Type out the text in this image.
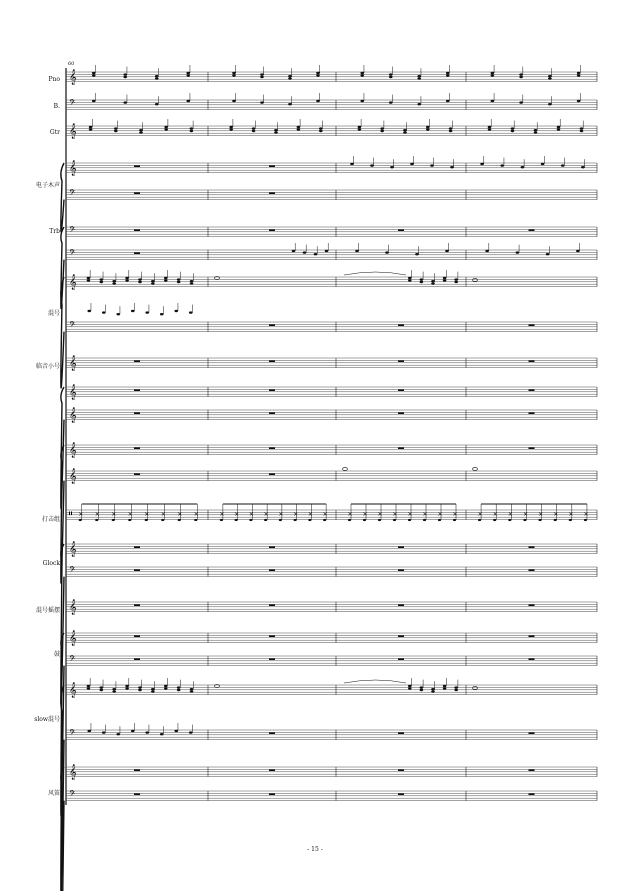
𝄞
𝄢
𝄞
𝄞
𝄢
𝄢
𝄢
𝄞
𝄢
𝄞
𝄞
𝄞
𝄞
𝄞
𝄥
𝄞
𝄢
𝄞
𝄞
𝄢
𝄞
𝄢
𝄞
𝄢
× × × × × × × ×	× × × × × × × ×	× × × × × × × ×	× × × × × × × ×
60
- 15 -
Pno
B.
Gtr
电子木声
Trb
混号
临音小号
打击组
Glock
混号摇摆
鼓
slow混号
风笛
